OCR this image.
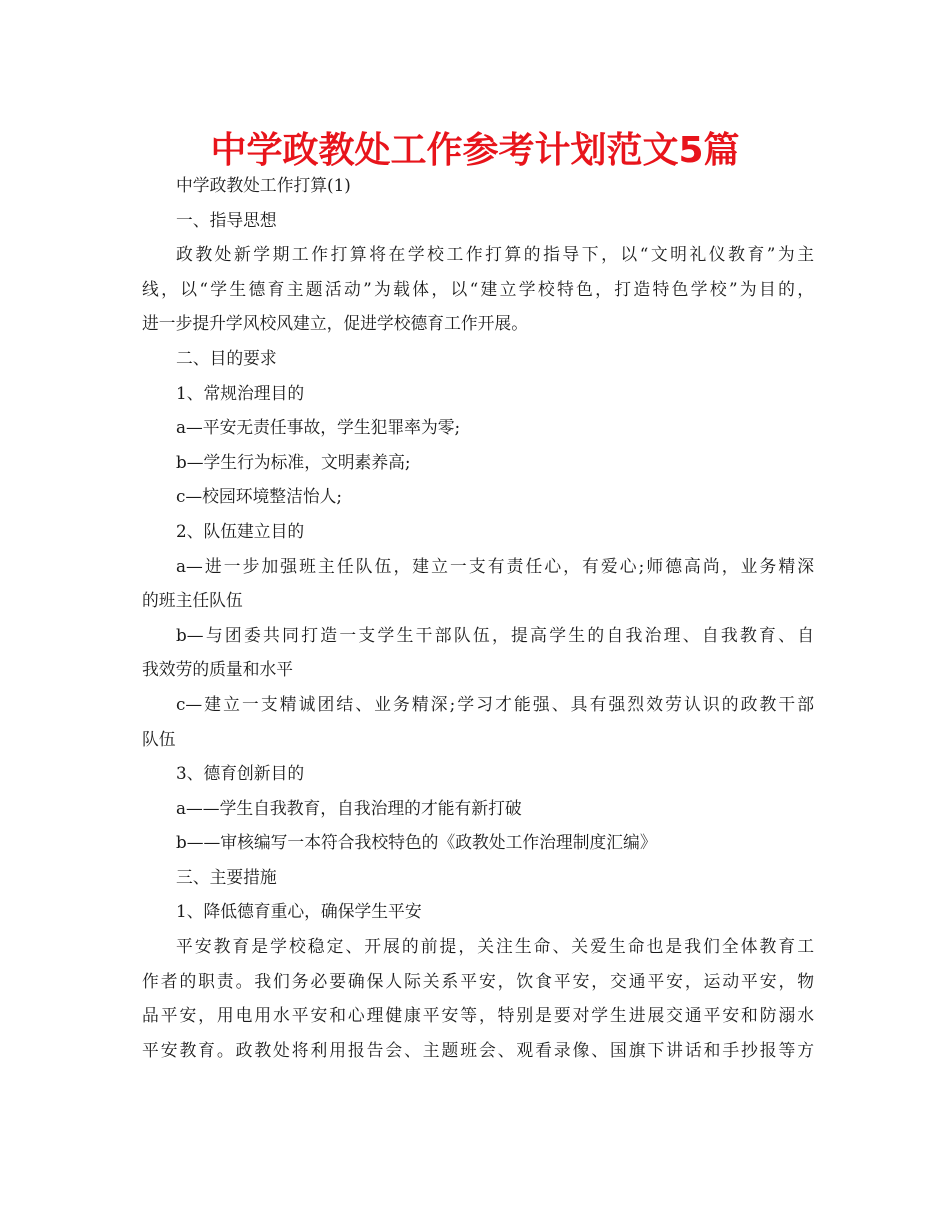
中学政教处工作参考计划范文5篇
中学政教处工作打算(1)
一、指导思想
政教处新学期工作打算将在学校工作打算的指导下，以“文明礼仪教育”为主
线，以“学生德育主题活动”为载体，以“建立学校特色，打造特色学校”为目的，
进一步提升学风校风建立，促进学校德育工作开展。
二、目的要求
1、常规治理目的
a—平安无责任事故，学生犯罪率为零;
b—学生行为标准，文明素养高;
c—校园环境整洁怡人;
2、队伍建立目的
a—进一步加强班主任队伍，建立一支有责任心，有爱心;师德高尚，业务精深
的班主任队伍
b—与团委共同打造一支学生干部队伍，提高学生的自我治理、自我教育、自
我效劳的质量和水平
c—建立一支精诚团结、业务精深;学习才能强、具有强烈效劳认识的政教干部
队伍
3、德育创新目的
a——学生自我教育，自我治理的才能有新打破
b——审核编写一本符合我校特色的《政教处工作治理制度汇编》
三、主要措施
1、降低德育重心，确保学生平安
平安教育是学校稳定、开展的前提，关注生命、关爱生命也是我们全体教育工
作者的职责。我们务必要确保人际关系平安，饮食平安，交通平安，运动平安，物
品平安，用电用水平安和心理健康平安等，特别是要对学生进展交通平安和防溺水
平安教育。政教处将利用报告会、主题班会、观看录像、国旗下讲话和手抄报等方
